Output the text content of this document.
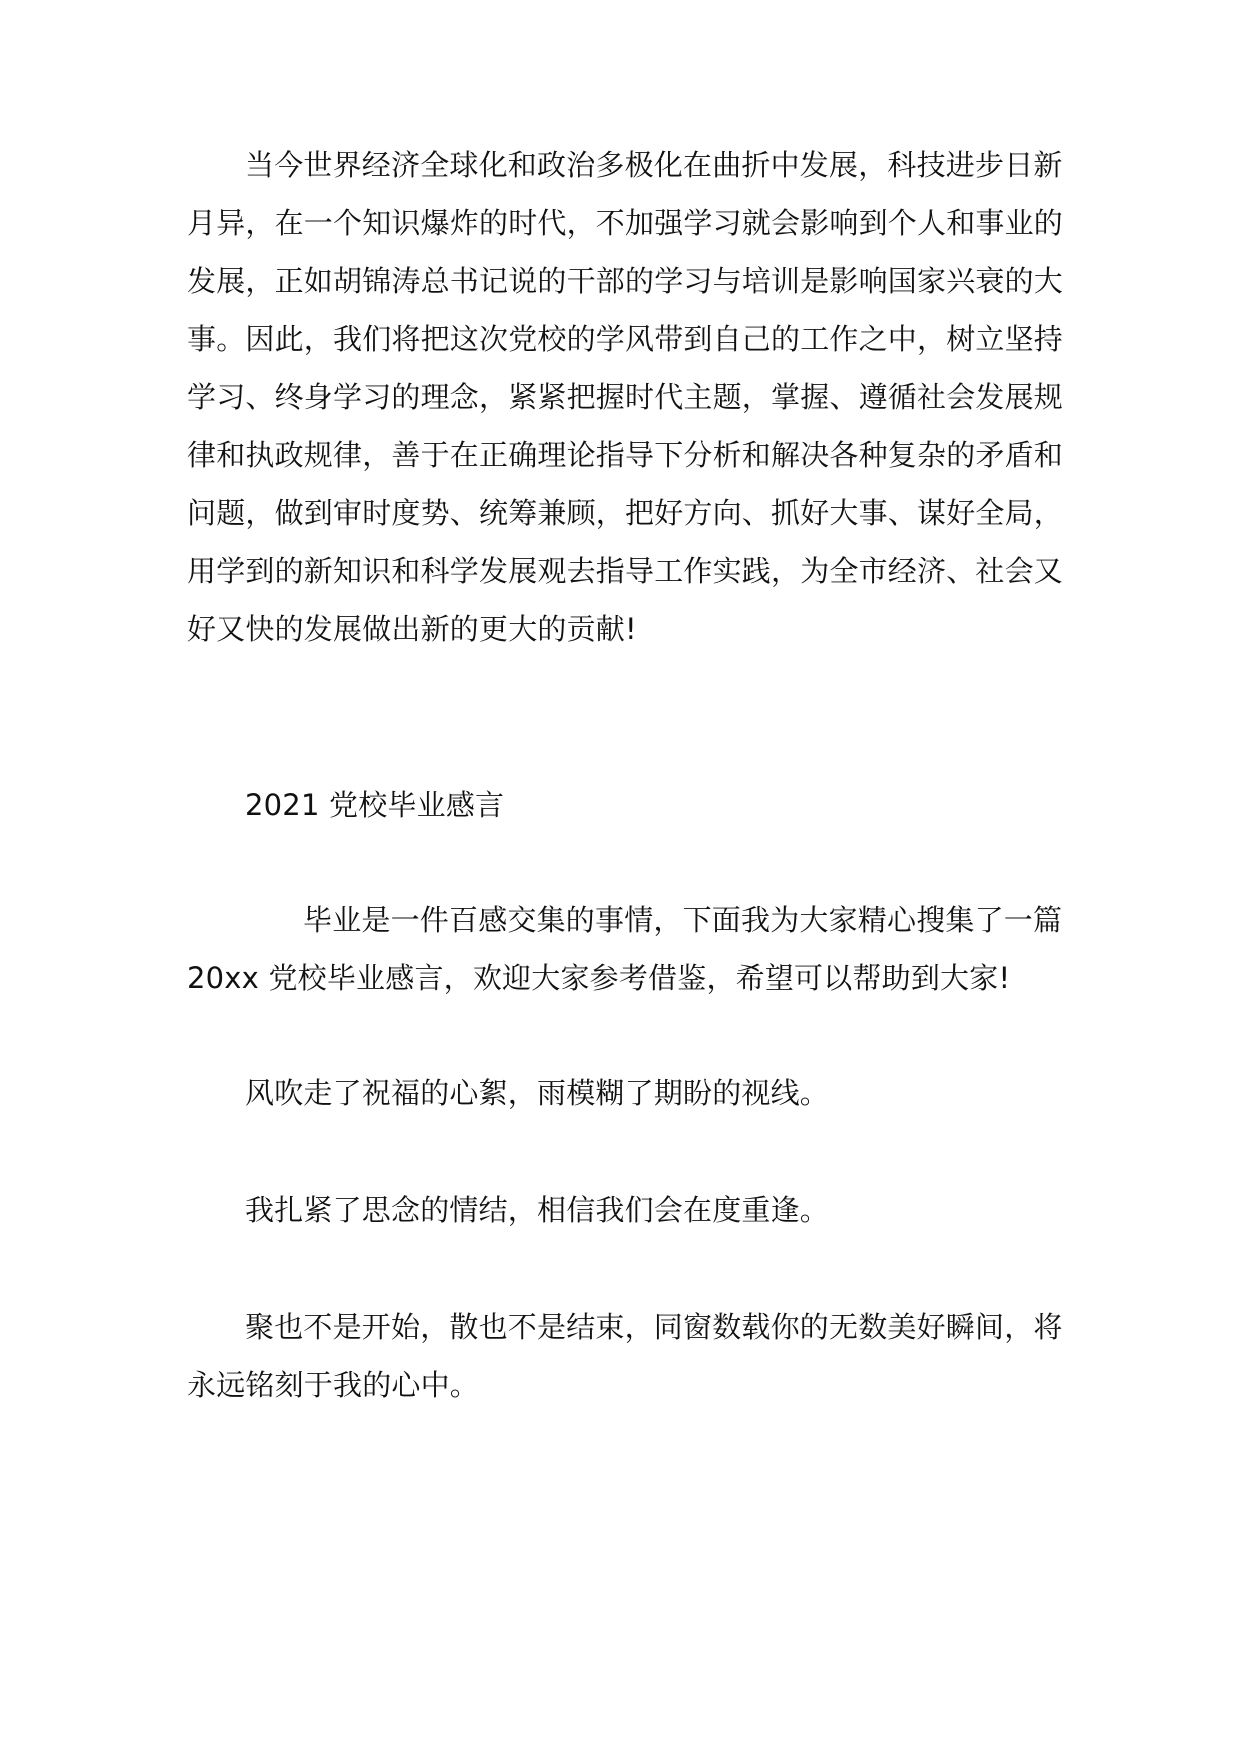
当今世界经济全球化和政治多极化在曲折中发展，科技进步日新
月异，在一个知识爆炸的时代，不加强学习就会影响到个人和事业的
发展，正如胡锦涛总书记说的干部的学习与培训是影响国家兴衰的大
事。因此，我们将把这次党校的学风带到自己的工作之中，树立坚持
学习、终身学习的理念，紧紧把握时代主题，掌握、遵循社会发展规
律和执政规律，善于在正确理论指导下分析和解决各种复杂的矛盾和
问题，做到审时度势、统筹兼顾，把好方向、抓好大事、谋好全局，
用学到的新知识和科学发展观去指导工作实践，为全市经济、社会又
好又快的发展做出新的更大的贡献!
2021 党校毕业感言
毕业是一件百感交集的事情，下面我为大家精心搜集了一篇
20xx 党校毕业感言，欢迎大家参考借鉴，希望可以帮助到大家!
风吹走了祝福的心絮，雨模糊了期盼的视线。
我扎紧了思念的情结，相信我们会在度重逢。
聚也不是开始，散也不是结束，同窗数载你的无数美好瞬间，将
永远铭刻于我的心中。
